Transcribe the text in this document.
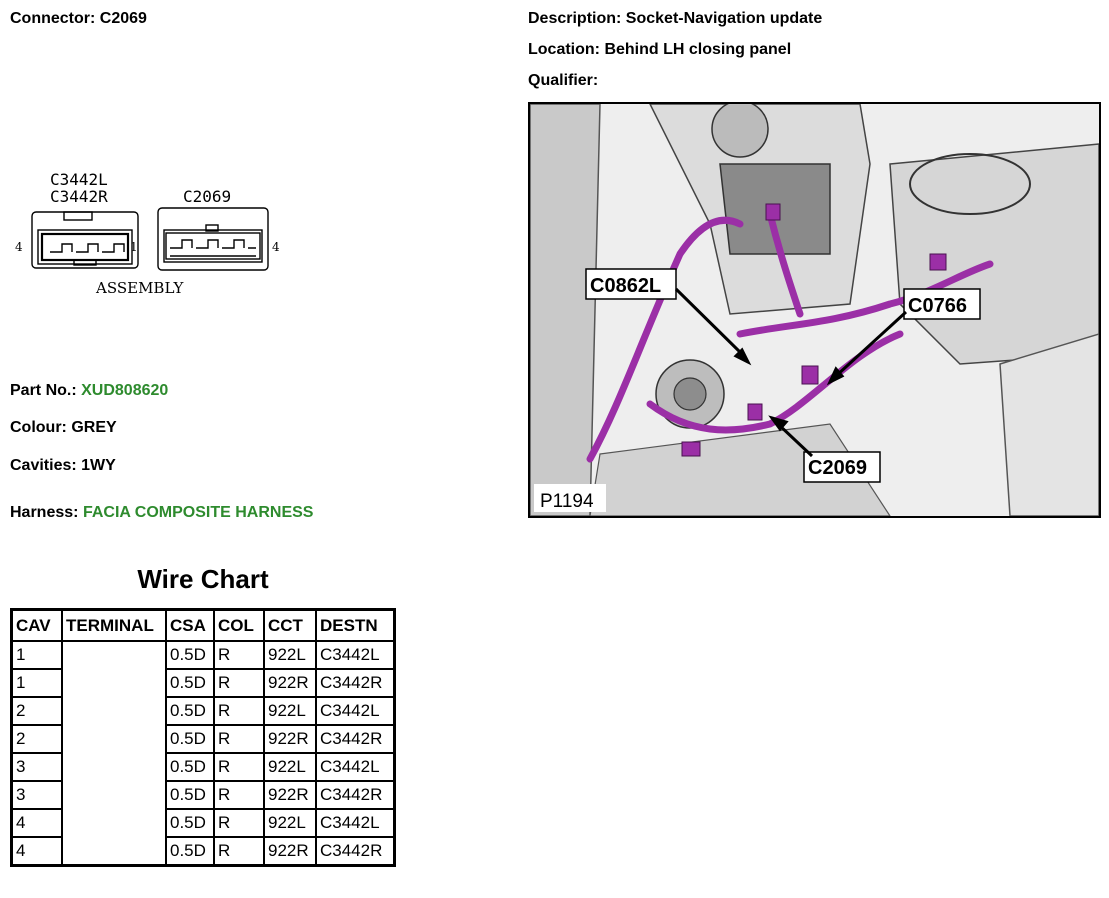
Connector: C2069	Description: Socket-Navigation update
Location: Behind LH closing panel
Qualifier:
C3442L
C3442R	C2069
4	1	4
ASSEMBLY
Part No.: XUD808620
Colour: GREY
Cavities: 1WY
Harness: FACIA COMPOSITE HARNESS
C0862L
C0766
C2069
P1194
Wire Chart
CAV	TERMINAL	CSA	COL	CCT	DESTN
1		0.5D	R	922L	C3442L
1		0.5D	R	922R	C3442R
2		0.5D	R	922L	C3442L
2		0.5D	R	922R	C3442R
3		0.5D	R	922L	C3442L
3		0.5D	R	922R	C3442R
4		0.5D	R	922L	C3442L
4		0.5D	R	922R	C3442R
